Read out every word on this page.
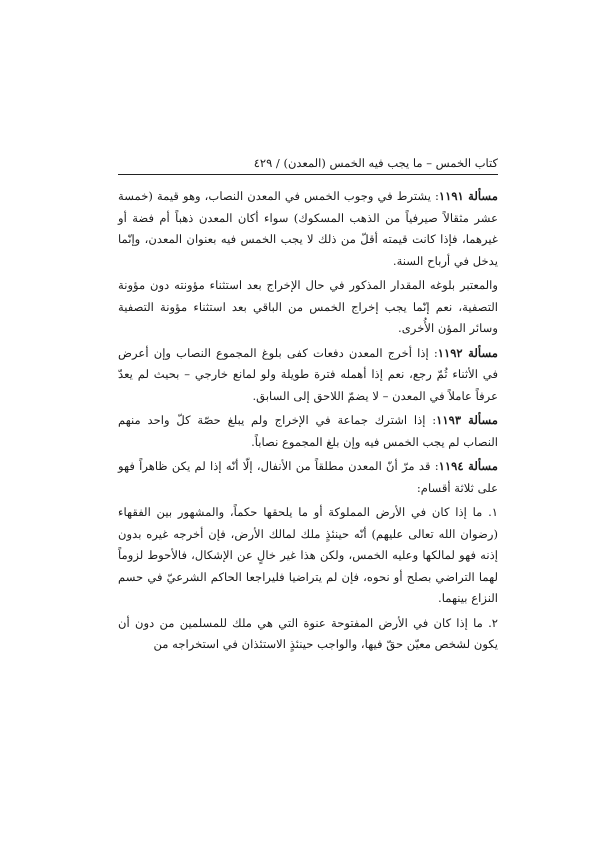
كتاب الخمس – ما يجب فيه الخمس (المعدن) / ٤٢٩

مسألة ١١٩١: يشترط في وجوب الخمس في المعدن النصاب، وهو قيمة (خمسة عشر مثقالاً صيرفياً من الذهب المسكوك) سواء أكان المعدن ذهباً أم فضة أو غيرهما، فإذا كانت قيمته أقلّ من ذلك لا يجب الخمس فيه بعنوان المعدن، وإنّما يدخل في أرباح السنة.

والمعتبر بلوغه المقدار المذكور في حال الإخراج بعد استثناء مؤونته دون مؤونة التصفية، نعم إنّما يجب إخراج الخمس من الباقي بعد استثناء مؤونة التصفية وسائر المؤن الأُخرى.

مسألة ١١٩٢: إذا أخرج المعدن دفعات كفى بلوغ المجموع النصاب وإن أعرض في الأثناء ثُمّ رجع، نعم إذا أهمله فترة طويلة ولو لمانع خارجي – بحيث لم يعدّ عرفاً عاملاً في المعدن – لا يضمّ اللاحق إلى السابق.

مسألة ١١٩٣: إذا اشترك جماعة في الإخراج ولم يبلغ حصّة كلّ واحد منهم النصاب لم يجب الخمس فيه وإن بلغ المجموع نصاباً.

مسألة ١١٩٤: قد مرّ أنّ المعدن مطلقاً من الأنفال، إلّا أنّه إذا لم يكن ظاهراً فهو على ثلاثة أقسام:

١. ما إذا كان في الأرض المملوكة أو ما يلحقها حكماً، والمشهور بين الفقهاء (رضوان الله تعالى عليهم) أنّه حينئذٍ ملك لمالك الأرض، فإن أخرجه غيره بدون إذنه فهو لمالكها وعليه الخمس، ولكن هذا غير خالٍ عن الإشكال، فالأحوط لزوماً لهما التراضي بصلح أو نحوه، فإن لم يتراضيا فليراجعا الحاكم الشرعيّ في حسم النزاع بينهما.

٢. ما إذا كان في الأرض المفتوحة عنوة التي هي ملك للمسلمين من دون أن يكون لشخص معيّن حقّ فيها، والواجب حينئذٍ الاستئذان في استخراجه من
